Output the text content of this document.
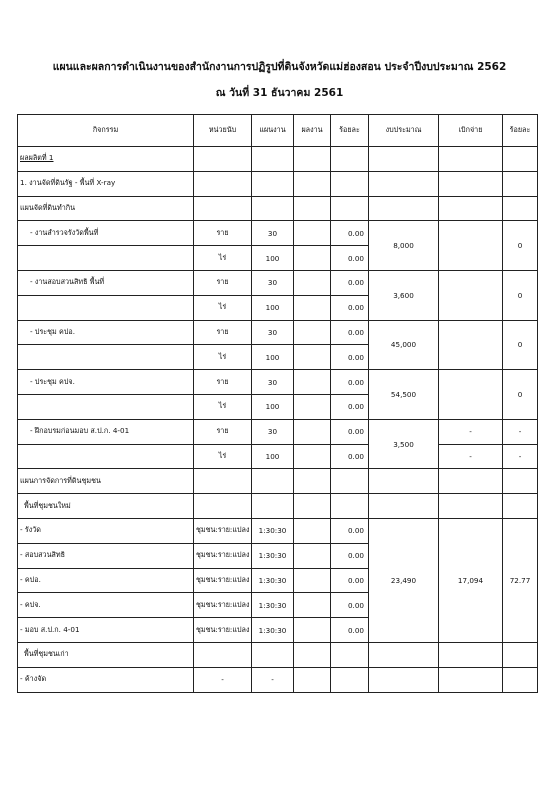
แผนและผลการดำเนินงานของสำนักงานการปฏิรูปที่ดินจังหวัดแม่ฮ่องสอน ประจำปีงบประมาณ 2562
ณ วันที่ 31 ธันวาคม 2561
กิจกรรม	หน่วยนับ	แผนงาน	ผลงาน	ร้อยละ	งบประมาณ	เบิกจ่าย	ร้อยละ
ผลผลิตที่ 1							
1. งานจัดที่ดินรัฐ - พื้นที่ X-ray							
แผนจัดที่ดินทำกิน							
- งานสำรวจรังวัดพื้นที่	ราย	30		0.00	8,000		0
	ไร่	100		0.00			
- งานสอบสวนสิทธิ พื้นที่	ราย	30		0.00	3,600		0
	ไร่	100		0.00			
- ประชุม คปอ.	ราย	30		0.00	45,000		0
	ไร่	100		0.00			
- ประชุม คปจ.	ราย	30		0.00	54,500		0
	ไร่	100		0.00			
- ฝึกอบรมก่อนมอบ ส.ป.ก. 4-01	ราย	30		0.00	3,500	-	-
	ไร่	100		0.00		-	-
แผนการจัดการที่ดินชุมชน							
พื้นที่ชุมชนใหม่							
- รังวัด	ชุมชน:ราย:แปลง	1:30:30		0.00	23,490	17,094	72.77
- สอบสวนสิทธิ	ชุมชน:ราย:แปลง	1:30:30		0.00			
- คปอ.	ชุมชน:ราย:แปลง	1:30:30		0.00			
- คปจ.	ชุมชน:ราย:แปลง	1:30:30		0.00			
- มอบ ส.ป.ก. 4-01	ชุมชน:ราย:แปลง	1:30:30		0.00			
พื้นที่ชุมชนเก่า							
- ค้างจัด	-	-					
